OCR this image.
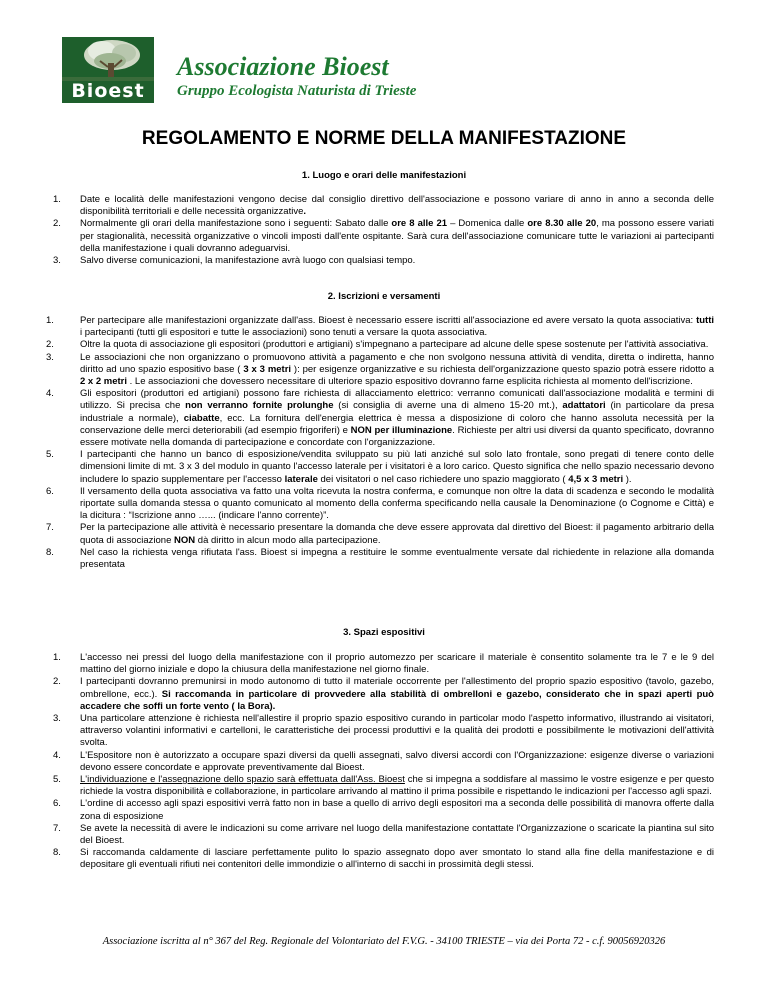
Bioest
Associazione Bioest
Gruppo Ecologista Naturista di Trieste
REGOLAMENTO E NORME DELLA MANIFESTAZIONE
1. Luogo e orari delle manifestazioni
1. Date e località delle manifestazioni vengono decise dal consiglio direttivo dell'associazione e possono variare di anno in anno a seconda delle disponibilità territoriali e delle necessità organizzative.
2. Normalmente gli orari della manifestazione sono i seguenti: Sabato dalle ore 8 alle 21 – Domenica dalle ore 8.30 alle 20, ma possono essere variati per stagionalità, necessità organizzative o vincoli imposti dall'ente ospitante. Sarà cura dell'associazione comunicare tutte le variazioni ai partecipanti della manifestazione i quali dovranno adeguarvisi.
3. Salvo diverse comunicazioni, la manifestazione avrà luogo con qualsiasi tempo.
2. Iscrizioni e versamenti
1.	Per partecipare alle manifestazioni organizzate dall'ass. Bioest è necessario essere iscritti all'associazione ed avere versato la quota associativa: tutti i partecipanti (tutti gli espositori e tutte le associazioni) sono tenuti a versare la quota associativa.
2.	Oltre la quota di associazione gli espositori (produttori e artigiani) s'impegnano a partecipare ad alcune delle spese sostenute per l'attività associativa.
3.	Le associazioni che non organizzano o promuovono attività a pagamento e che non svolgono nessuna attività di vendita, diretta o indiretta, hanno diritto ad uno spazio espositivo base ( 3 x 3 metri ): per esigenze organizzative e su richiesta dell'organizzazione questo spazio potrà essere ridotto a 2 x 2 metri . Le associazioni che dovessero necessitare di ulteriore spazio espositivo dovranno farne esplicita richiesta al momento dell'iscrizione.
4.	Gli espositori (produttori ed artigiani) possono fare richiesta di allacciamento elettrico: verranno comunicati dall'associazione modalità e termini di utilizzo. Si precisa che non verranno fornite prolunghe (si consiglia di averne una di almeno 15-20 mt.), adattatori (in particolare da presa industriale a normale), ciabatte, ecc. La fornitura dell'energia elettrica è messa a disposizione di coloro che hanno assoluta necessità per la conservazione delle merci deteriorabili (ad esempio frigoriferi) e NON per illuminazione. Richieste per altri usi diversi da quanto specificato, dovranno essere motivate nella domanda di partecipazione e concordate con l'organizzazione.
5.	I partecipanti che hanno un banco di esposizione/vendita sviluppato su più lati anziché sul solo lato frontale, sono pregati di tenere conto delle dimensioni limite di mt. 3 x 3 del modulo in quanto l'accesso laterale per i visitatori è a loro carico. Questo significa che nello spazio necessario devono includere lo spazio supplementare per l'accesso laterale dei visitatori o nel caso richiedere uno spazio maggiorato ( 4,5 x 3 metri ).
6.	Il versamento della quota associativa va fatto una volta ricevuta la nostra conferma, e comunque non oltre la data di scadenza e secondo le modalità riportate sulla domanda stessa o quanto comunicato al momento della conferma specificando nella causale la Denominazione (o Cognome e Città) e la dicitura : “Iscrizione anno …... (indicare l'anno corrente)”.
7.	Per la partecipazione alle attività è necessario presentare la domanda che deve essere approvata dal direttivo del Bioest: il pagamento arbitrario della quota di associazione NON dà diritto in alcun modo alla partecipazione.
8.	Nel caso la richiesta venga rifiutata l'ass. Bioest si impegna a restituire le somme eventualmente versate dal richiedente in relazione alla domanda presentata
3. Spazi espositivi
1. L'accesso nei pressi del luogo della manifestazione con il proprio automezzo per scaricare il materiale è consentito solamente tra le 7 e le 9 del mattino del giorno iniziale e dopo la chiusura della manifestazione nel giorno finale.
2. I partecipanti dovranno premunirsi in modo autonomo di tutto il materiale occorrente per l'allestimento del proprio spazio espositivo (tavolo, gazebo, ombrellone, ecc.). Si raccomanda in particolare di provvedere alla stabilità di ombrelloni e gazebo, considerato che in spazi aperti può accadere che soffi un forte vento ( la Bora).
3. Una particolare attenzione è richiesta nell'allestire il proprio spazio espositivo curando in particolar modo l'aspetto informativo, illustrando ai visitatori, attraverso volantini informativi e cartelloni, le caratteristiche dei processi produttivi e la qualità dei prodotti e possibilmente le motivazioni dell'attività svolta.
4. L'Espositore non è autorizzato a occupare spazi diversi da quelli assegnati, salvo diversi accordi con l'Organizzazione: esigenze diverse o variazioni devono essere concordate e approvate preventivamente dal Bioest.
5. L'individuazione e l'assegnazione dello spazio sarà effettuata dall'Ass. Bioest che si impegna a soddisfare al massimo le vostre esigenze e per questo richiede la vostra disponibilità e collaborazione, in particolare arrivando al mattino il prima possibile e rispettando le indicazioni per l'accesso agli spazi.
6. L'ordine di accesso agli spazi espositivi verrà fatto non in base a quello di arrivo degli espositori ma a seconda delle possibilità di manovra offerte dalla zona di esposizione
7. Se avete la necessità di avere le indicazioni su come arrivare nel luogo della manifestazione contattate l'Organizzazione o scaricate la piantina sul sito del Bioest.
8. Si raccomanda caldamente di lasciare perfettamente pulito lo spazio assegnato dopo aver smontato lo stand alla fine della manifestazione e di depositare gli eventuali rifiuti nei contenitori delle immondizie o all'interno di sacchi in prossimità degli stessi.
Associazione iscritta al n° 367 del Reg. Regionale del Volontariato del F.V.G. - 34100 TRIESTE – via dei Porta 72 - c.f. 90056920326
